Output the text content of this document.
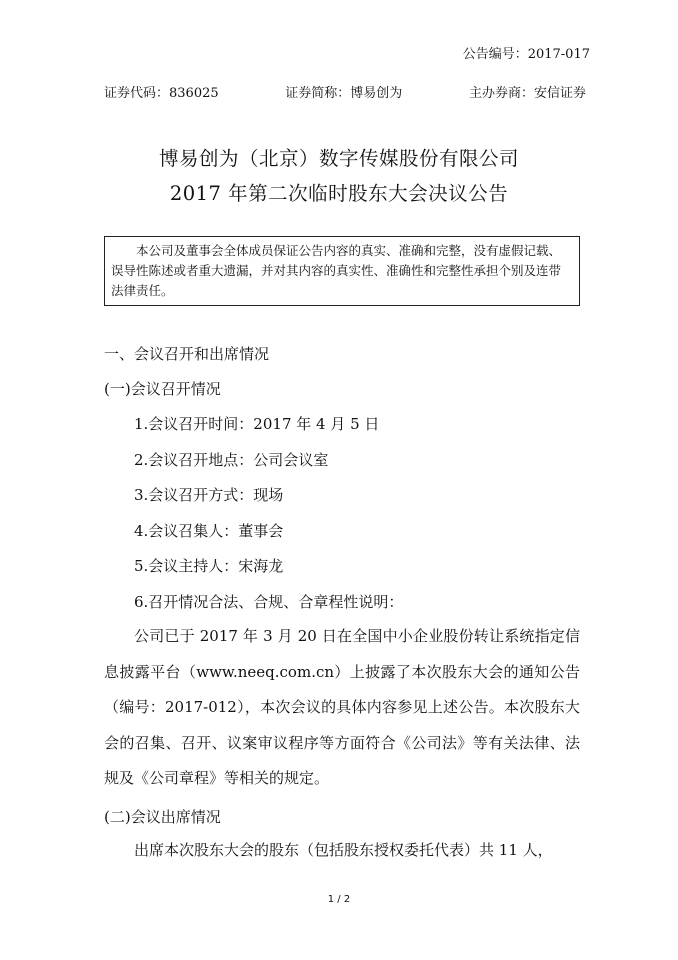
公告编号：2017-017
证券代码：836025	证券简称：博易创为	主办券商：安信证券
博易创为（北京）数字传媒股份有限公司
2017 年第二次临时股东大会决议公告
本公司及董事会全体成员保证公告内容的真实、准确和完整，没有虚假记载、误导性陈述或者重大遗漏，并对其内容的真实性、准确性和完整性承担个别及连带法律责任。
一、会议召开和出席情况
(一)会议召开情况
1.会议召开时间：2017 年 4 月 5 日
2.会议召开地点：公司会议室
3.会议召开方式：现场
4.会议召集人：董事会
5.会议主持人：宋海龙
6.召开情况合法、合规、合章程性说明：
公司已于 2017 年 3 月 20 日在全国中小企业股份转让系统指定信息披露平台（www.neeq.com.cn）上披露了本次股东大会的通知公告（编号：2017-012），本次会议的具体内容参见上述公告。本次股东大会的召集、召开、议案审议程序等方面符合《公司法》等有关法律、法规及《公司章程》等相关的规定。
(二)会议出席情况
出席本次股东大会的股东（包括股东授权委托代表）共 11 人，
1 / 2
